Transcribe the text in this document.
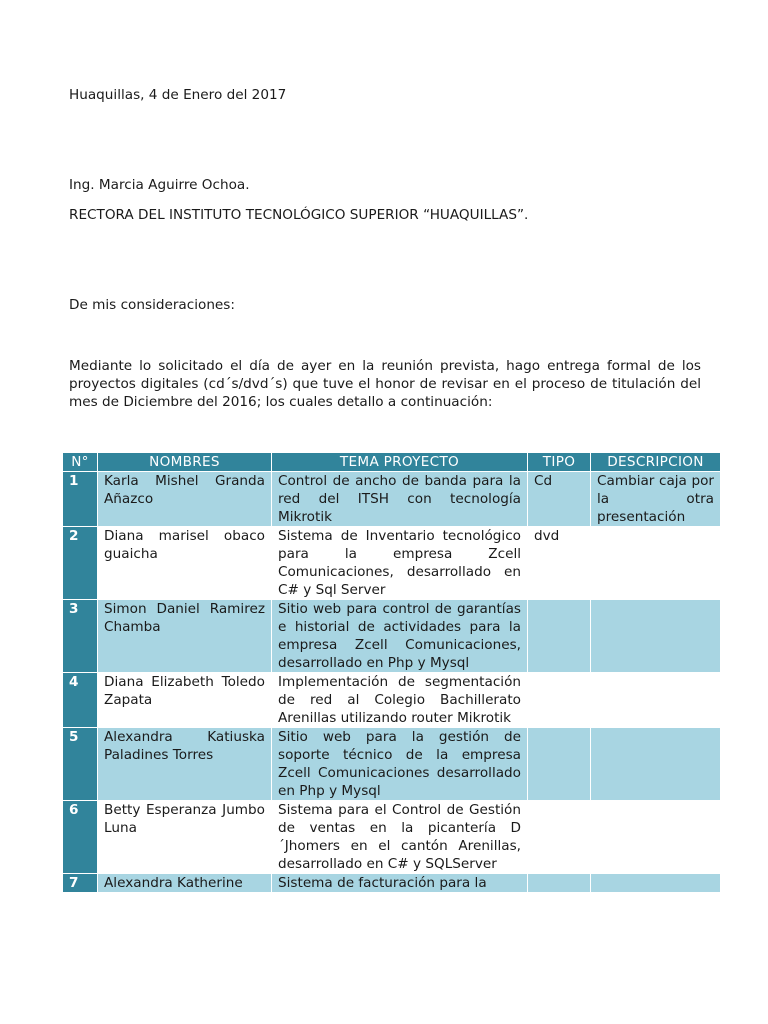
Huaquillas, 4 de Enero del 2017

Ing. Marcia Aguirre Ochoa.

RECTORA DEL INSTITUTO TECNOLÓGICO SUPERIOR “HUAQUILLAS”.

De mis consideraciones:

Mediante lo solicitado el día de ayer en la reunión prevista, hago entrega formal de los proyectos digitales (cd´s/dvd´s) que tuve el honor de revisar en el proceso de titulación del mes de Diciembre del 2016; los cuales detallo a continuación:

N°	NOMBRES	TEMA PROYECTO	TIPO	DESCRIPCION
1	Karla Mishel Granda Añazco	Control de ancho de banda para la red del ITSH con tecnología Mikrotik	Cd	Cambiar caja por la otra presentación
2	Diana marisel obaco guaicha	Sistema de Inventario tecnológico para la empresa Zcell Comunicaciones, desarrollado en C# y Sql Server	dvd	
3	Simon Daniel Ramirez Chamba	Sitio web para control de garantías e historial de actividades para la empresa Zcell Comunicaciones, desarrollado en Php y Mysql		
4	Diana Elizabeth Toledo Zapata	Implementación de segmentación de red al Colegio Bachillerato Arenillas utilizando router Mikrotik		
5	Alexandra Katiuska Paladines Torres	Sitio web para la gestión de soporte técnico de la empresa Zcell Comunicaciones desarrollado en Php y Mysql		
6	Betty Esperanza Jumbo Luna	Sistema para el Control de Gestión de ventas en la picantería D´Jhomers en el cantón Arenillas, desarrollado en C# y SQLServer		
7	Alexandra Katherine	Sistema de facturación para la		
